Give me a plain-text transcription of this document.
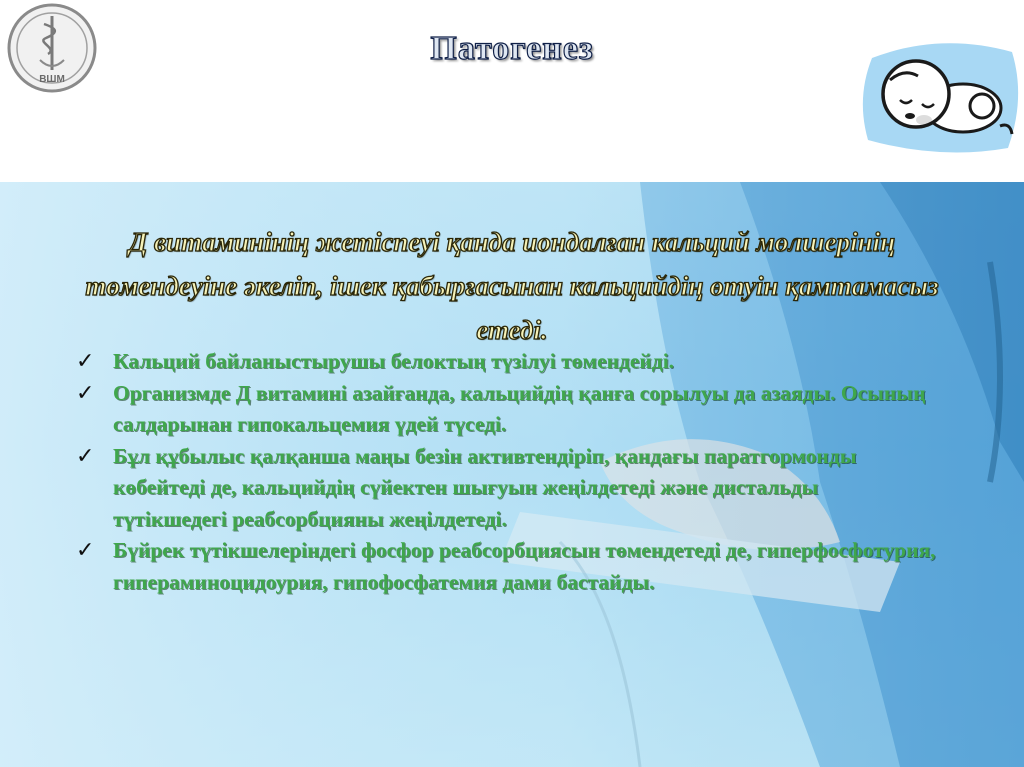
ВШМ
Патогенез
Д витаминінің жетіспеуі қанда иондалған кальций мөлшерінің төмендеуіне әкеліп, ішек қабырғасынан кальцийдің өтуін қамтамасыз етеді.
✓ Кальций байланыстырушы белоктың түзілуі төмендейді.
✓ Организмде Д витамині азайғанда, кальцийдің қанға сорылуы да азаяды. Осының салдарынан гипокальцемия үдей түседі.
✓ Бұл құбылыс қалқанша маңы безін активтендіріп, қандағы паратгормонды көбейтеді де, кальцийдің сүйектен шығуын жеңілдетеді және дистальды түтікшедегі реабсорбцияны жеңілдетеді.
✓ Бүйрек түтікшелеріндегі фосфор реабсорбциясын төмендетеді де, гиперфосфотурия, гипераминоцидоурия, гипофосфатемия дами бастайды.
